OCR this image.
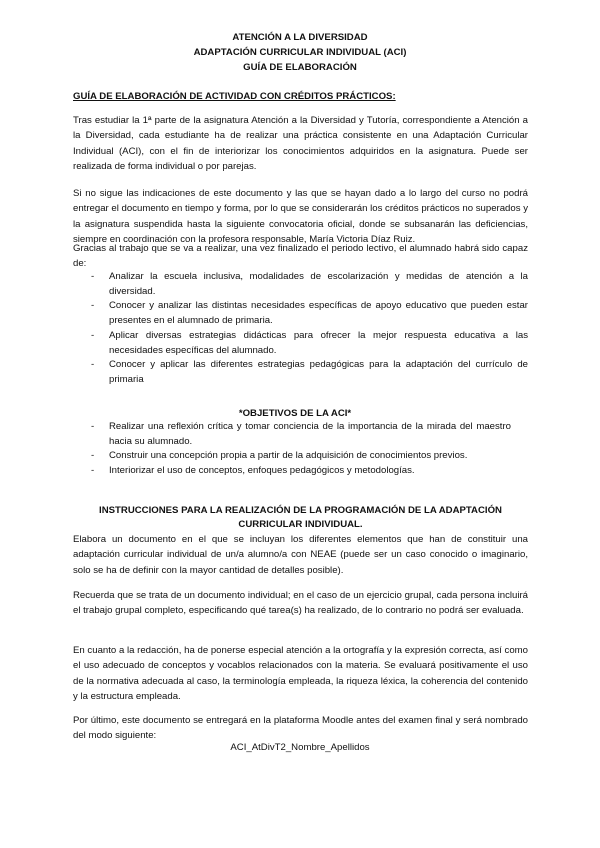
ATENCIÓN A LA DIVERSIDAD
ADAPTACIÓN CURRICULAR INDIVIDUAL (ACI)
GUÍA DE ELABORACIÓN
GUÍA DE ELABORACIÓN DE ACTIVIDAD CON CRÉDITOS PRÁCTICOS:
Tras estudiar la 1ª parte de la asignatura Atención a la Diversidad y Tutoría, correspondiente a Atención a la Diversidad, cada estudiante ha de realizar una práctica consistente en una Adaptación Curricular Individual (ACI), con el fin de interiorizar los conocimientos adquiridos en la asignatura. Puede ser realizada de forma individual o por parejas.
Si no sigue las indicaciones de este documento y las que se hayan dado a lo largo del curso no podrá entregar el documento en tiempo y forma, por lo que se considerarán los créditos prácticos no superados y la asignatura suspendida hasta la siguiente convocatoria oficial, donde se subsanarán las deficiencias, siempre en coordinación con la profesora responsable, María Victoria Díaz Ruiz.
Gracias al trabajo que se va a realizar, una vez finalizado el periodo lectivo, el alumnado habrá sido capaz de:
- Analizar la escuela inclusiva, modalidades de escolarización y medidas de atención a la diversidad.
- Conocer y analizar las distintas necesidades específicas de apoyo educativo que pueden estar presentes en el alumnado de primaria.
- Aplicar diversas estrategias didácticas para ofrecer la mejor respuesta educativa a las necesidades específicas del alumnado.
- Conocer y aplicar las diferentes estrategias pedagógicas para la adaptación del currículo de primaria
*OBJETIVOS DE LA ACI*
- Realizar una reflexión crítica y tomar conciencia de la importancia de la mirada del maestro hacia su alumnado.
- Construir una concepción propia a partir de la adquisición de conocimientos previos.
- Interiorizar el uso de conceptos, enfoques pedagógicos y metodologías.
INSTRUCCIONES PARA LA REALIZACIÓN DE LA PROGRAMACIÓN DE LA ADAPTACIÓN
CURRICULAR INDIVIDUAL.
Elabora un documento en el que se incluyan los diferentes elementos que han de constituir una adaptación curricular individual de un/a alumno/a con NEAE (puede ser un caso conocido o imaginario, solo se ha de definir con la mayor cantidad de detalles posible).
Recuerda que se trata de un documento individual; en el caso de un ejercicio grupal, cada persona incluirá el trabajo grupal completo, especificando qué tarea(s) ha realizado, de lo contrario no podrá ser evaluada.
En cuanto a la redacción, ha de ponerse especial atención a la ortografía y la expresión correcta, así como el uso adecuado de conceptos y vocablos relacionados con la materia. Se evaluará positivamente el uso de la normativa adecuada al caso, la terminología empleada, la riqueza léxica, la coherencia del contenido y la estructura empleada.
Por último, este documento se entregará en la plataforma Moodle antes del examen final y será nombrado del modo siguiente:
ACI_AtDivT2_Nombre_Apellidos
